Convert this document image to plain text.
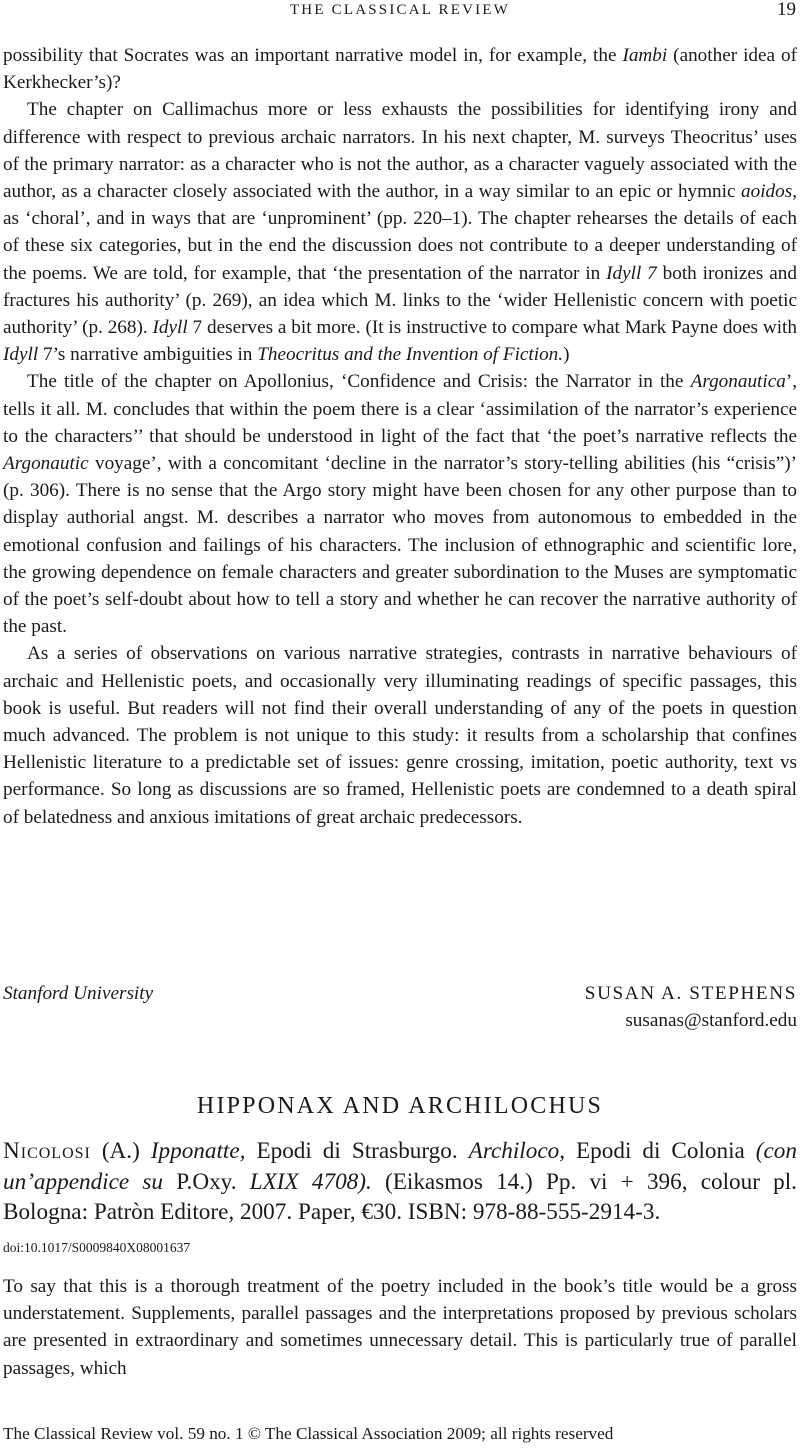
THE CLASSICAL REVIEW	19

possibility that Socrates was an important narrative model in, for example, the Iambi (another idea of Kerkhecker’s)?

The chapter on Callimachus more or less exhausts the possibilities for identifying irony and difference with respect to previous archaic narrators. In his next chapter, M. surveys Theocritus’ uses of the primary narrator: as a character who is not the author, as a character vaguely associated with the author, as a character closely associated with the author, in a way similar to an epic or hymnic aoidos, as ‘choral’, and in ways that are ‘unprominent’ (pp. 220–1). The chapter rehearses the details of each of these six categories, but in the end the discussion does not contribute to a deeper understanding of the poems. We are told, for example, that ‘the presentation of the narrator in Idyll 7 both ironizes and fractures his authority’ (p. 269), an idea which M. links to the ‘wider Hellenistic concern with poetic authority’ (p. 268). Idyll 7 deserves a bit more. (It is instructive to compare what Mark Payne does with Idyll 7’s narrative ambiguities in Theocritus and the Invention of Fiction.)

The title of the chapter on Apollonius, ‘Confidence and Crisis: the Narrator in the Argonautica’, tells it all. M. concludes that within the poem there is a clear ‘assimilation of the narrator’s experience to the characters’’ that should be understood in light of the fact that ‘the poet’s narrative reflects the Argonautic voyage’, with a concomitant ‘decline in the narrator’s story-telling abilities (his “crisis”)’ (p. 306). There is no sense that the Argo story might have been chosen for any other purpose than to display authorial angst. M. describes a narrator who moves from autonomous to embedded in the emotional confusion and failings of his characters. The inclusion of ethnographic and scientific lore, the growing dependence on female characters and greater subordination to the Muses are symptomatic of the poet’s self-doubt about how to tell a story and whether he can recover the narrative authority of the past.

As a series of observations on various narrative strategies, contrasts in narrative behaviours of archaic and Hellenistic poets, and occasionally very illuminating readings of specific passages, this book is useful. But readers will not find their overall understanding of any of the poets in question much advanced. The problem is not unique to this study: it results from a scholarship that confines Hellenistic literature to a predictable set of issues: genre crossing, imitation, poetic authority, text vs performance. So long as discussions are so framed, Hellenistic poets are condemned to a death spiral of belatedness and anxious imitations of great archaic predecessors.

Stanford University	SUSAN A. STEPHENS
susanas@stanford.edu
HIPPONAX AND ARCHILOCHUS
Nicolosi (A.) Ipponatte, Epodi di Strasburgo. Archiloco, Epodi di Colonia (con un’appendice su P.Oxy. LXIX 4708). (Eikasmos 14.) Pp. vi + 396, colour pl. Bologna: Patròn Editore, 2007. Paper, €30. ISBN: 978-88-555-2914-3.
doi:10.1017/S0009840X08001637

To say that this is a thorough treatment of the poetry included in the book’s title would be a gross understatement. Supplements, parallel passages and the interpretations proposed by previous scholars are presented in extraordinary and sometimes unnecessary detail. This is particularly true of parallel passages, which

The Classical Review vol. 59 no. 1 © The Classical Association 2009; all rights reserved
